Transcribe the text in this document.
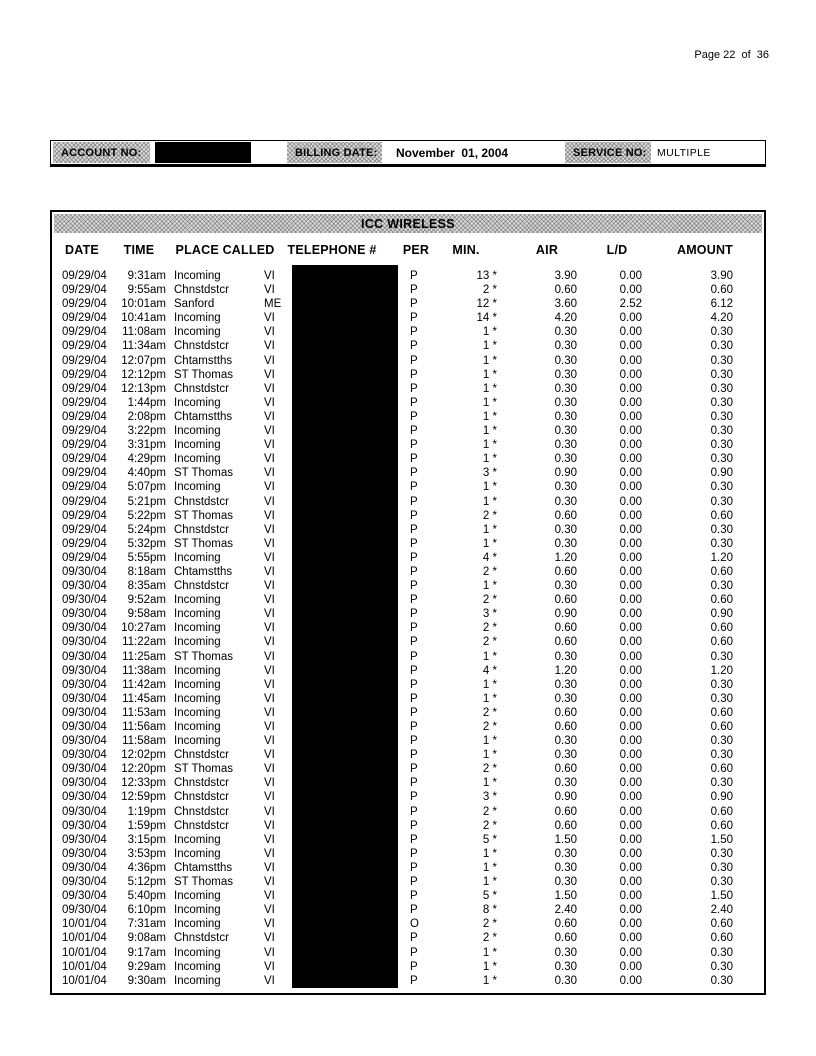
Page 22  of  36
ACCOUNT NO:	BILLING DATE: November  01, 2004	SERVICE NO: MULTIPLE
ICC WIRELESS
DATE TIME PLACE CALLED TELEPHONE # PER MIN.	AIR	L/D	AMOUNT
09/29/04	9:31am Incoming	VI	P	13 *	3.90	0.00	3.90
09/29/04	9:55am Chnstdstcr	VI	P	2 *	0.60	0.00	0.60
09/29/04	10:01am Sanford	ME	P	12 *	3.60	2.52	6.12
09/29/04	10:41am Incoming	VI	P	14 *	4.20	0.00	4.20
09/29/04	11:08am Incoming	VI	P	1 *	0.30	0.00	0.30
09/29/04	11:34am Chnstdstcr	VI	P	1 *	0.30	0.00	0.30
09/29/04	12:07pm Chtamstths	VI	P	1 *	0.30	0.00	0.30
09/29/04	12:12pm ST Thomas	VI	P	1 *	0.30	0.00	0.30
09/29/04	12:13pm Chnstdstcr	VI	P	1 *	0.30	0.00	0.30
09/29/04	1:44pm Incoming	VI	P	1 *	0.30	0.00	0.30
09/29/04	2:08pm Chtamstths	VI	P	1 *	0.30	0.00	0.30
09/29/04	3:22pm Incoming	VI	P	1 *	0.30	0.00	0.30
09/29/04	3:31pm Incoming	VI	P	1 *	0.30	0.00	0.30
09/29/04	4:29pm Incoming	VI	P	1 *	0.30	0.00	0.30
09/29/04	4:40pm ST Thomas	VI	P	3 *	0.90	0.00	0.90
09/29/04	5:07pm Incoming	VI	P	1 *	0.30	0.00	0.30
09/29/04	5:21pm Chnstdstcr	VI	P	1 *	0.30	0.00	0.30
09/29/04	5:22pm ST Thomas	VI	P	2 *	0.60	0.00	0.60
09/29/04	5:24pm Chnstdstcr	VI	P	1 *	0.30	0.00	0.30
09/29/04	5:32pm ST Thomas	VI	P	1 *	0.30	0.00	0.30
09/29/04	5:55pm Incoming	VI	P	4 *	1.20	0.00	1.20
09/30/04	8:18am Chtamstths	VI	P	2 *	0.60	0.00	0.60
09/30/04	8:35am Chnstdstcr	VI	P	1 *	0.30	0.00	0.30
09/30/04	9:52am Incoming	VI	P	2 *	0.60	0.00	0.60
09/30/04	9:58am Incoming	VI	P	3 *	0.90	0.00	0.90
09/30/04	10:27am Incoming	VI	P	2 *	0.60	0.00	0.60
09/30/04	11:22am Incoming	VI	P	2 *	0.60	0.00	0.60
09/30/04	11:25am ST Thomas	VI	P	1 *	0.30	0.00	0.30
09/30/04	11:38am Incoming	VI	P	4 *	1.20	0.00	1.20
09/30/04	11:42am Incoming	VI	P	1 *	0.30	0.00	0.30
09/30/04	11:45am Incoming	VI	P	1 *	0.30	0.00	0.30
09/30/04	11:53am Incoming	VI	P	2 *	0.60	0.00	0.60
09/30/04	11:56am Incoming	VI	P	2 *	0.60	0.00	0.60
09/30/04	11:58am Incoming	VI	P	1 *	0.30	0.00	0.30
09/30/04	12:02pm Chnstdstcr	VI	P	1 *	0.30	0.00	0.30
09/30/04	12:20pm ST Thomas	VI	P	2 *	0.60	0.00	0.60
09/30/04	12:33pm Chnstdstcr	VI	P	1 *	0.30	0.00	0.30
09/30/04	12:59pm Chnstdstcr	VI	P	3 *	0.90	0.00	0.90
09/30/04	1:19pm Chnstdstcr	VI	P	2 *	0.60	0.00	0.60
09/30/04	1:59pm Chnstdstcr	VI	P	2 *	0.60	0.00	0.60
09/30/04	3:15pm Incoming	VI	P	5 *	1.50	0.00	1.50
09/30/04	3:53pm Incoming	VI	P	1 *	0.30	0.00	0.30
09/30/04	4:36pm Chtamstths	VI	P	1 *	0.30	0.00	0.30
09/30/04	5:12pm ST Thomas	VI	P	1 *	0.30	0.00	0.30
09/30/04	5:40pm Incoming	VI	P	5 *	1.50	0.00	1.50
09/30/04	6:10pm Incoming	VI	P	8 *	2.40	0.00	2.40
10/01/04	7:31am Incoming	VI	O	2 *	0.60	0.00	0.60
10/01/04	9:08am Chnstdstcr	VI	P	2 *	0.60	0.00	0.60
10/01/04	9:17am Incoming	VI	P	1 *	0.30	0.00	0.30
10/01/04	9:29am Incoming	VI	P	1 *	0.30	0.00	0.30
10/01/04	9:30am Incoming	VI	P	1 *	0.30	0.00	0.30
